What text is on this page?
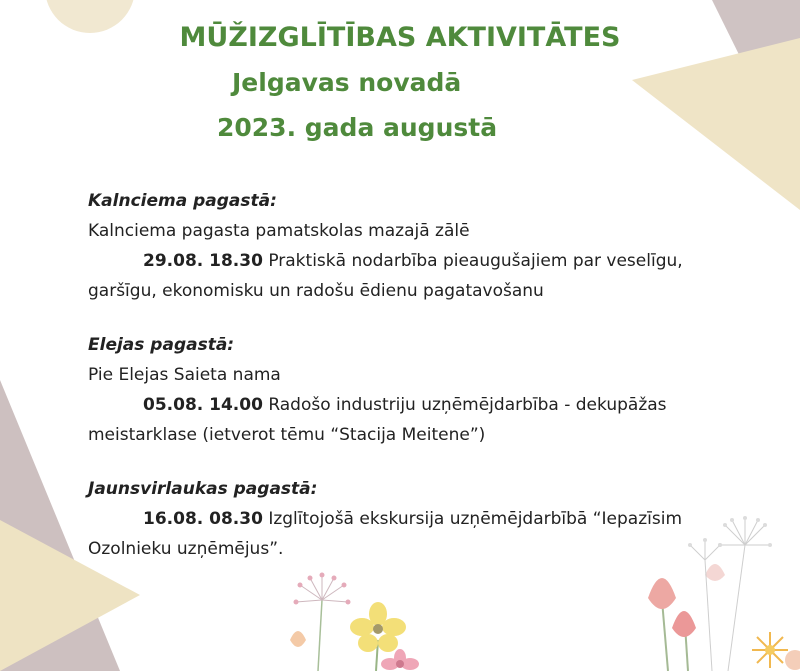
MŪŽIZGLĪTĪBAS AKTIVITĀTES
Jelgavas novadā
2023. gada augustā
Kalnciema pagastā:
Kalnciema pagasta pamatskolas mazajā zālē
29.08. 18.30 Praktiskā nodarbība pieaugušajiem par veselīgu, garšīgu, ekonomisku un radošu ēdienu pagatavošanu
Elejas pagastā:
Pie Elejas Saieta nama
05.08. 14.00 Radošo industriju uzņēmējdarbība - dekupāžas meistarklase (ietverot tēmu “Stacija Meitene”)
Jaunsvirlaukas pagastā:
16.08. 08.30 Izglītojošā ekskursija uzņēmējdarbībā “Iepazīsim Ozolnieku uzņēmējus”.
